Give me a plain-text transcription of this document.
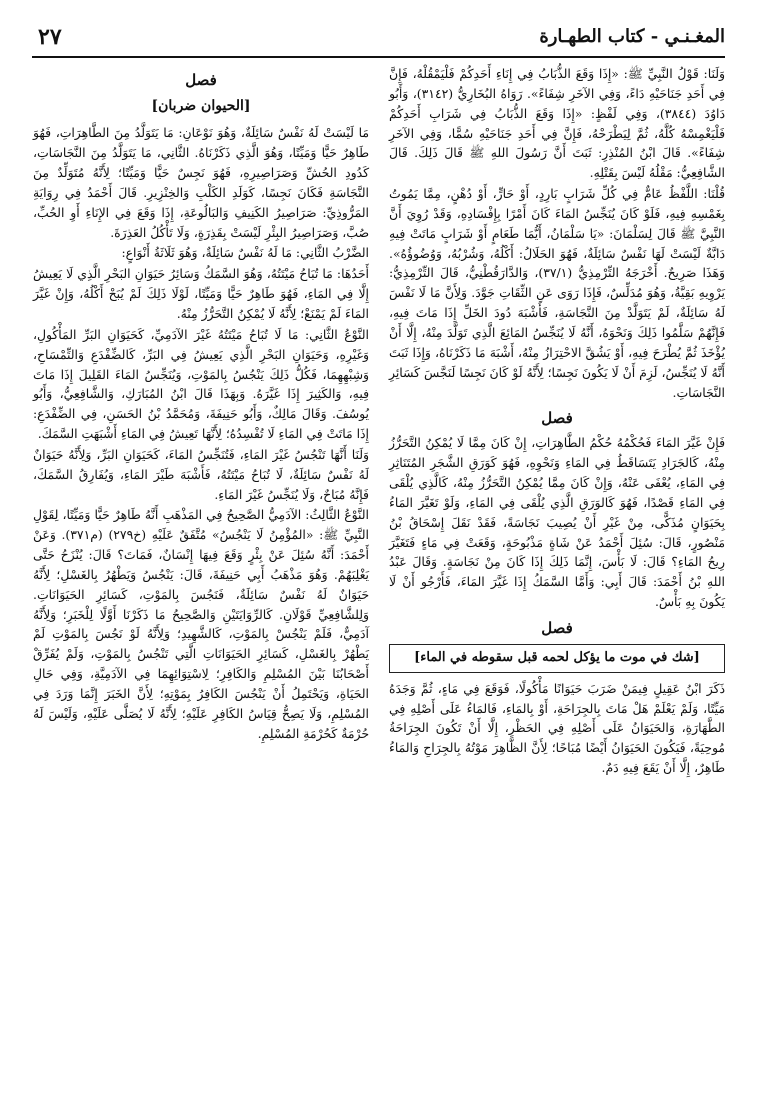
المغـنـي - كتاب الطهـارة
٢٧

وَلَنَا: قَوْلُ النَّبِيِّ ﷺ: «إِذَا وَقَعَ الذُّبَابُ فِي إِنَاءِ أَحَدِكُمْ فَلْيَمْقُلْهُ، فَإِنَّ فِي أَحَدِ جَنَاحَيْهِ دَاءً، وَفِي الآخَرِ شِفَاءً». رَوَاهُ البُخَارِيُّ (٣١٤٢)، وَأَبُو دَاوُدَ (٣٨٤٤)، وَفِي لَفْظٍ: «إِذَا وَقَعَ الذُّبَابُ فِي شَرَابِ أَحَدِكُمْ فَلْيَغْمِسْهُ كُلَّهُ، ثُمَّ لِيَطْرَحْهُ، فَإِنَّ فِي أَحَدِ جَنَاحَيْهِ سُمًّا، وَفِي الآخَرِ شِفَاءً». قَالَ ابْنُ المُنْذِرِ: ثَبَتَ أَنَّ رَسُولَ اللهِ ﷺ قَالَ ذَلِكَ. قَالَ الشَّافِعِيُّ: مَقْلُهُ لَيْسَ بِقَتْلِهِ.

قُلْنَا: اللَّفْظُ عَامٌّ فِي كُلِّ شَرَابٍ بَارِدٍ، أَوْ حَارٍّ، أَوْ دُهْنٍ، مِمَّا يَمُوتُ بِغَمْسِهِ فِيهِ، فَلَوْ كَانَ يُنَجِّسُ المَاءَ كَانَ أَمْرًا بِإِفْسَادِهِ، وَقَدْ رُوِيَ أَنَّ النَّبِيَّ ﷺ قَالَ لِسَلْمَانَ: «يَا سَلْمَانُ، أَيُّمَا طَعَامٍ أَوْ شَرَابٍ مَاتَتْ فِيهِ دَابَّةٌ لَيْسَتْ لَهَا نَفْسٌ سَائِلَةٌ، فَهُوَ الحَلَالُ: أَكْلُهُ، وَشُرْبُهُ، وَوُضُوؤُهُ». وَهَذَا صَرِيحٌ. أَخْرَجَهُ التِّرْمِذِيُّ (٣٧/١)، وَالدَّارَقُطْنِيُّ، قَالَ التِّرْمِذِيُّ: يَرْوِيهِ بَقِيَّةُ، وَهُوَ مُدَلِّسٌ، فَإِذَا رَوَى عَنِ الثِّقَاتِ جَوَّدَ. وَلِأَنَّ مَا لَا نَفْسَ لَهُ سَائِلَةٌ، لَمْ يَتَوَلَّدْ مِنَ النَّجَاسَةِ، فَأَشْبَهَ دُودَ الخَلِّ إِذَا مَاتَ فِيهِ، فَإِنَّهُمْ سَلَّمُوا ذَلِكَ وَنَحْوَهُ، أَنَّهُ لَا يُنَجِّسُ المَائِعَ الَّذِي تَوَلَّدَ مِنْهُ، إِلَّا أَنْ يُؤْخَذَ ثُمَّ يُطْرَحَ فِيهِ، أَوْ يَشُقَّ الاحْتِرَازُ مِنْهُ، أَشْبَهَ مَا ذَكَرْنَاهُ، وَإِذَا ثَبَتَ أَنَّهُ لَا يُنَجِّسُ، لَزِمَ أَنْ لَا يَكُونَ نَجِسًا؛ لِأَنَّهُ لَوْ كَانَ نَجِسًا لَنَجَّسَ كَسَائِرِ النَّجَاسَاتِ.

فصل

فَإِنْ غَيَّرَ المَاءَ فَحُكْمُهُ حُكْمُ الطَّاهِرَاتِ، إِنْ كَانَ مِمَّا لَا يُمْكِنُ التَّحَرُّزُ مِنْهُ، كَالجَرَادِ يَتَسَاقَطُ فِي المَاءِ وَنَحْوِهِ، فَهُوَ كَوَرَقِ الشَّجَرِ المُتَنَاثِرِ فِي المَاءِ، يُعْفَى عَنْهُ، وَإِنْ كَانَ مِمَّا يُمْكِنُ التَّحَرُّزُ مِنْهُ، كَالَّذِي يُلْقَى فِي المَاءِ قَصْدًا، فَهُوَ كَالوَرَقِ الَّذِي يُلْقَى فِي المَاءِ، وَلَوْ تَغَيَّرَ المَاءُ بِحَيَوَانٍ مُذَكًّى، مِنْ غَيْرِ أَنْ يُصِيبَ نَجَاسَةً، فَقَدْ نَقَلَ إِسْحَاقُ بْنُ مَنْصُورٍ، قَالَ: سُئِلَ أَحْمَدُ عَنْ شَاةٍ مَذْبُوحَةٍ، وَقَعَتْ فِي مَاءٍ فَتَغَيَّرَ رِيحُ المَاءِ؟ قَالَ: لَا بَأْسَ، إِنَّمَا ذَلِكَ إِذَا كَانَ مِنْ نَجَاسَةٍ. وَقَالَ عَبْدُ اللهِ بْنُ أَحْمَدَ: قَالَ أَبِي: وَأَمَّا السَّمَكُ إِذَا غَيَّرَ المَاءَ، فَأَرْجُو أَنْ لَا يَكُونَ بِهِ بَأْسٌ.

فصل
[شك في موت ما يؤكل لحمه قبل سقوطه في الماء]

ذَكَرَ ابْنُ عَقِيلٍ فِيمَنْ ضَرَبَ حَيَوَانًا مَأْكُولًا، فَوَقَعَ فِي مَاءٍ، ثُمَّ وَجَدَهُ مَيِّتًا، وَلَمْ يَعْلَمْ هَلْ مَاتَ بِالجِرَاحَةِ، أَوْ بِالمَاءِ، فَالمَاءُ عَلَى أَصْلِهِ فِي الطَّهَارَةِ، وَالحَيَوَانُ عَلَى أَصْلِهِ فِي الحَظْرِ، إِلَّا أَنْ تَكُونَ الجِرَاحَةُ مُوحِيَةً، فَيَكُونَ الحَيَوَانُ أَيْضًا مُبَاحًا؛ لِأَنَّ الظَّاهِرَ مَوْتُهُ بِالجِرَاحِ وَالمَاءُ طَاهِرٌ، إِلَّا أَنْ يَقَعَ فِيهِ دَمٌ.

فصل
[الحيوان ضربان]

مَا لَيْسَتْ لَهُ نَفْسٌ سَائِلَةٌ، وَهُوَ نَوْعَانِ: مَا يَتَوَلَّدُ مِنَ الطَّاهِرَاتِ، فَهُوَ طَاهِرٌ حَيًّا وَمَيِّتًا، وَهُوَ الَّذِي ذَكَرْنَاهُ. الثَّانِي، مَا يَتَوَلَّدُ مِنَ النَّجَاسَاتِ، كَدُودِ الحُشِّ وَصَرَاصِيرِهِ، فَهُوَ نَجِسٌ حَيًّا وَمَيِّتًا؛ لِأَنَّهُ مُتَوَلِّدٌ مِنَ النَّجَاسَةِ فَكَانَ نَجِسًا، كَوَلَدِ الكَلْبِ وَالخِنْزِيرِ. قَالَ أَحْمَدُ فِي رِوَايَةِ المَرُّوذِيِّ: صَرَاصِيرُ الكَنِيفِ وَالبَالُوعَةِ، إِذَا وَقَعَ فِي الإِنَاءِ أَوِ الحُبِّ، صُبَّ، وَصَرَاصِيرُ البِئْرِ لَيْسَتْ بِقَذِرَةٍ، وَلَا تَأْكُلُ العَذِرَةَ.

الضَّرْبُ الثَّانِي: مَا لَهُ نَفْسٌ سَائِلَةٌ، وَهُوَ ثَلَاثَةُ أَنْوَاعٍ:

أَحَدُهَا: مَا تُبَاحُ مَيْتَتُهُ، وَهُوَ السَّمَكُ وَسَائِرُ حَيَوَانِ البَحْرِ الَّذِي لَا يَعِيشُ إِلَّا فِي المَاءِ، فَهُوَ طَاهِرٌ حَيًّا وَمَيِّتًا، لَوْلَا ذَلِكَ لَمْ يُبَحْ أَكْلُهُ، وَإِنْ غَيَّرَ المَاءَ لَمْ يَمْنَعْ؛ لِأَنَّهُ لَا يُمْكِنُ التَّحَرُّزُ مِنْهُ.

النَّوْعُ الثَّانِي: مَا لَا تُبَاحُ مَيْتَتُهُ غَيْرَ الآدَمِيِّ، كَحَيَوَانِ البَرِّ المَأْكُولِ، وَغَيْرِهِ، وَحَيَوَانِ البَحْرِ الَّذِي يَعِيشُ فِي البَرِّ، كَالضِّفْدَعِ وَالتِّمْسَاحِ، وَشِبْهِهِمَا، فَكُلُّ ذَلِكَ يَنْجُسُ بِالمَوْتِ، وَيُنَجِّسُ المَاءَ القَلِيلَ إِذَا مَاتَ فِيهِ، وَالكَثِيرَ إِذَا غَيَّرَهُ. وَبِهَذَا قَالَ ابْنُ المُبَارَكِ، وَالشَّافِعِيُّ، وَأَبُو يُوسُفَ. وَقَالَ مَالِكٌ، وَأَبُو حَنِيفَةَ، وَمُحَمَّدُ بْنُ الحَسَنِ، فِي الضِّفْدَعِ: إِذَا مَاتَتْ فِي المَاءِ لَا تُفْسِدُهُ؛ لِأَنَّهَا تَعِيشُ فِي المَاءِ أَشْبَهَتِ السَّمَكَ.

وَلَنَا أَنَّهَا تَنْجُسُ غَيْرَ المَاءِ، فَتُنَجِّسُ المَاءَ، كَحَيَوَانِ البَرِّ، وَلِأَنَّهُ حَيَوَانٌ لَهُ نَفْسٌ سَائِلَةٌ، لَا تُبَاحُ مَيْتَتُهُ، فَأَشْبَهَ طَيْرَ المَاءِ، وَيُفَارِقُ السَّمَكَ، فَإِنَّهُ مُبَاحٌ، وَلَا يُنَجِّسُ غَيْرَ المَاءِ.

النَّوْعُ الثَّالِثُ: الآدَمِيُّ الصَّحِيحُ فِي المَذْهَبِ أَنَّهُ طَاهِرٌ حَيًّا وَمَيِّتًا، لِقَوْلِ النَّبِيِّ ﷺ: «المُؤْمِنُ لَا يَنْجُسُ» مُتَّفَقٌ عَلَيْهِ (خ٢٧٩) (م٣٧١). وَعَنْ أَحْمَدَ: أَنَّهُ سُئِلَ عَنْ بِئْرٍ وَقَعَ فِيهَا إِنْسَانٌ، فَمَاتَ؟ قَالَ: يُنْزَحُ حَتَّى يَغْلِبَهُمْ. وَهُوَ مَذْهَبُ أَبِي حَنِيفَةَ، قَالَ: يَنْجُسُ وَيَطْهُرُ بِالغَسْلِ؛ لِأَنَّهُ حَيَوَانٌ لَهُ نَفْسٌ سَائِلَةٌ، فَنَجُسَ بِالمَوْتِ، كَسَائِرِ الحَيَوَانَاتِ. وَلِلشَّافِعِيِّ قَوْلَانِ. كَالرِّوَايَتَيْنِ وَالصَّحِيحُ مَا ذَكَرْنَا أَوَّلًا لِلْخَبَرِ؛ وَلِأَنَّهُ آدَمِيٌّ، فَلَمْ يَنْجُسْ بِالمَوْتِ، كَالشَّهِيدِ؛ وَلِأَنَّهُ لَوْ نَجُسَ بِالمَوْتِ لَمْ يَطْهُرْ بِالغَسْلِ، كَسَائِرِ الحَيَوَانَاتِ الَّتِي تَنْجُسُ بِالمَوْتِ، وَلَمْ يُفَرِّقْ أَصْحَابُنَا بَيْنَ المُسْلِمِ وَالكَافِرِ؛ لِاسْتِوَائِهِمَا فِي الآدَمِيَّةِ، وَفِي حَالِ الحَيَاةِ، وَيَحْتَمِلُ أَنْ يَنْجُسَ الكَافِرُ بِمَوْتِهِ؛ لِأَنَّ الخَبَرَ إِنَّمَا وَرَدَ فِي المُسْلِمِ، وَلَا يَصِحُّ قِيَاسُ الكَافِرِ عَلَيْهِ؛ لِأَنَّهُ لَا يُصَلَّى عَلَيْهِ، وَلَيْسَ لَهُ حُرْمَةٌ كَحُرْمَةِ المُسْلِمِ.
